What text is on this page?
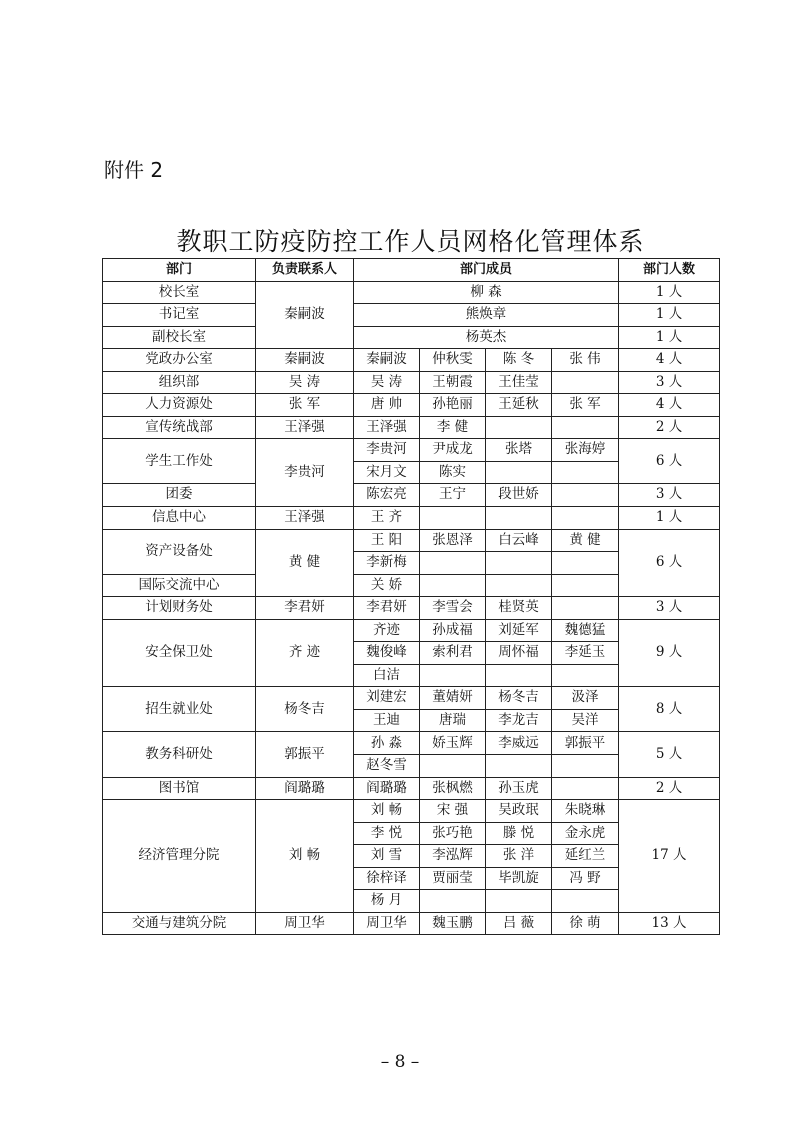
附件 2
教职工防疫防控工作人员网格化管理体系
部门	负责联系人	部门成员				部门人数
校长室	秦嗣波	柳 森				1 人
书记室		熊焕章				1 人
副校长室		杨英杰				1 人
党政办公室	秦嗣波	秦嗣波	仲秋雯	陈 冬	张 伟	4 人
组织部	吴 涛	吴 涛	王朝霞	王佳莹		3 人
人力资源处	张 军	唐 帅	孙艳丽	王延秋	张 军	4 人
宣传统战部	王泽强	王泽强	李 健			2 人
学生工作处	李贵河	李贵河	尹成龙	张塔	张海婷	6 人
		宋月文	陈实			
团委		陈宏亮	王宁	段世娇		3 人
信息中心	王泽强	王 齐				1 人
资产设备处	黄 健	王 阳	张恩泽	白云峰	黄 健	6 人
		李新梅				
国际交流中心		关 娇				
计划财务处	李君妍	李君妍	李雪会	桂贤英		3 人
安全保卫处	齐 迹	齐迹	孙成福	刘延军	魏德猛	9 人
		魏俊峰	索利君	周怀福	李延玉	
		白洁				
招生就业处	杨冬吉	刘建宏	董婧妍	杨冬吉	汲泽	8 人
		王迪	唐瑞	李龙吉	吴洋	
教务科研处	郭振平	孙 淼	娇玉辉	李威远	郭振平	5 人
		赵冬雪				
图书馆	阎璐璐	阎璐璐	张枫燃	孙玉虎		2 人
经济管理分院	刘 畅	刘 畅	宋 强	吴政珉	朱晓琳	17 人
		李 悦	张巧艳	滕 悦	金永虎	
		刘 雪	李泓辉	张 洋	延红兰	
		徐梓译	贾丽莹	毕凯旋	冯 野	
		杨 月				
交通与建筑分院	周卫华	周卫华	魏玉鹏	吕 薇	徐 萌	13 人
– 8 –
